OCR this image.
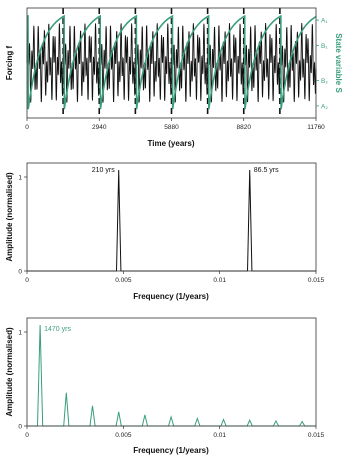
0	2940	5880	8820	11760
Time (years)
Forcing f
A₁
B₁
B₂
A₂
State variable S
0	0.005	0.01	0.015
0
1
210 yrs	86.5 yrs
Frequency (1/years)
Amplitude (normalised)
0	0.005	0.01	0.015
0
1	1470 yrs
Frequency (1/years)
Amplitude (normalised)
